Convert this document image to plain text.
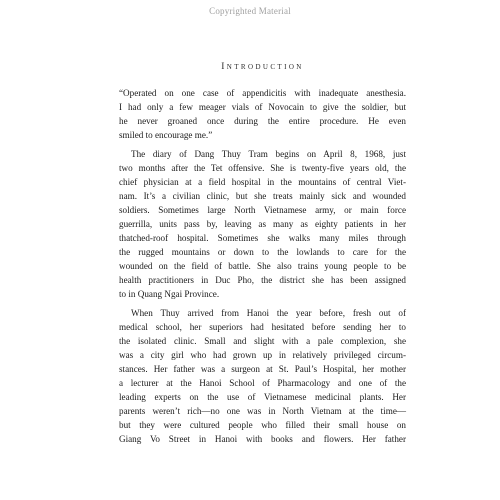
Copyrighted Material
Introduction
“Operated on one case of appendicitis with inadequate anesthesia.
I had only a few meager vials of Novocain to give the soldier, but
he never groaned once during the entire procedure. He even
smiled to encourage me.”
The diary of Dang Thuy Tram begins on April 8, 1968, just
two months after the Tet offensive. She is twenty-five years old, the
chief physician at a field hospital in the mountains of central Viet-
nam. It’s a civilian clinic, but she treats mainly sick and wounded
soldiers. Sometimes large North Vietnamese army, or main force
guerrilla, units pass by, leaving as many as eighty patients in her
thatched-roof hospital. Sometimes she walks many miles through
the rugged mountains or down to the lowlands to care for the
wounded on the field of battle. She also trains young people to be
health practitioners in Duc Pho, the district she has been assigned
to in Quang Ngai Province.
When Thuy arrived from Hanoi the year before, fresh out of
medical school, her superiors had hesitated before sending her to
the isolated clinic. Small and slight with a pale complexion, she
was a city girl who had grown up in relatively privileged circum-
stances. Her father was a surgeon at St. Paul’s Hospital, her mother
a lecturer at the Hanoi School of Pharmacology and one of the
leading experts on the use of Vietnamese medicinal plants. Her
parents weren’t rich—no one was in North Vietnam at the time—
but they were cultured people who filled their small house on
Giang Vo Street in Hanoi with books and flowers. Her father
